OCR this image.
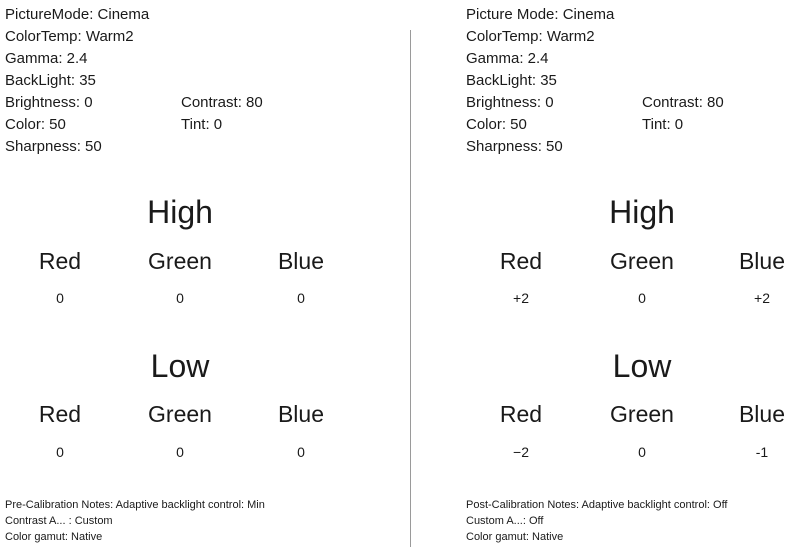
PictureMode: Cinema
ColorTemp: Warm2
Gamma: 2.4
BackLight: 35
Brightness: 0	Contrast: 80
Color: 50	Tint: 0
Sharpness: 50
High
Red	Green	Blue
0	0	0
Low
Red	Green	Blue
0	0	0
Pre-Calibration Notes: Adaptive backlight control: Min
Contrast A... : Custom
Color gamut: Native
Picture Mode: Cinema
ColorTemp: Warm2
Gamma: 2.4
BackLight: 35
Brightness: 0	Contrast: 80
Color: 50	Tint: 0
Sharpness: 50
High
Red	Green	Blue
+2	0	+2
Low
Red	Green	Blue
−2	0	-1
Post-Calibration Notes: Adaptive backlight control: Off
Custom A...: Off
Color gamut: Native
